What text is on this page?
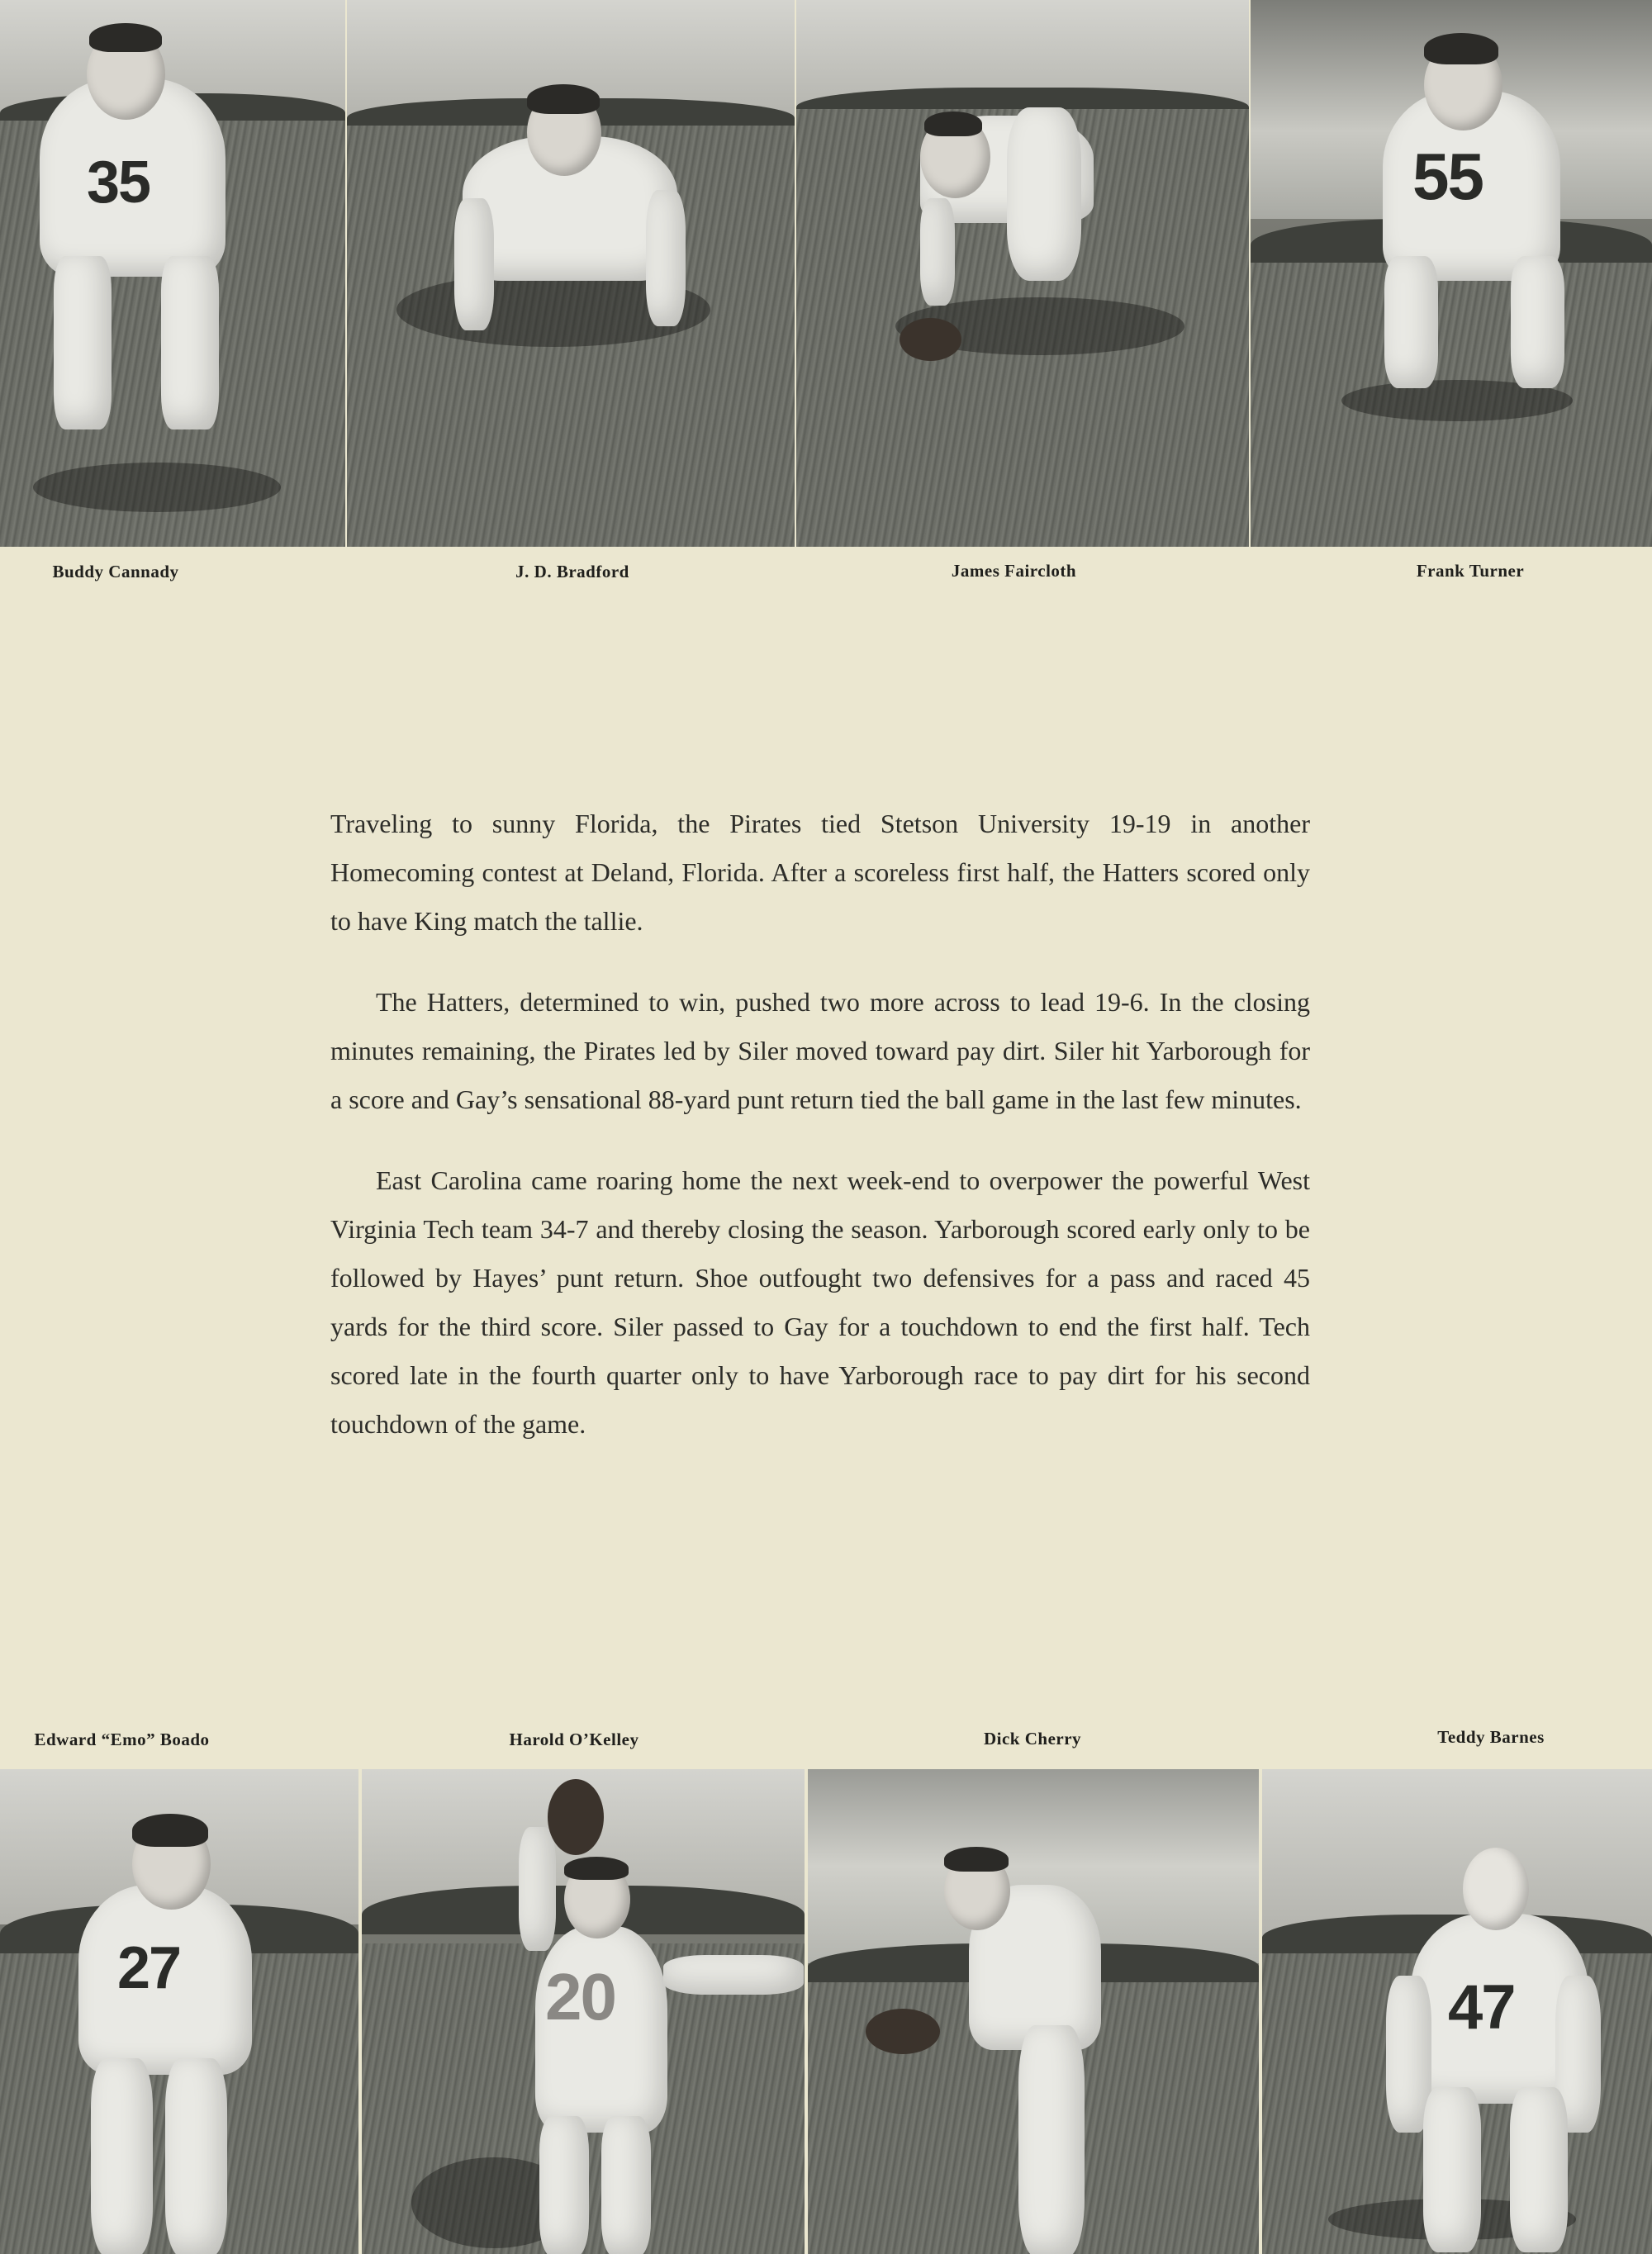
35	55
Buddy Cannady	J. D. Bradford	James Faircloth	Frank Turner

Traveling to sunny Florida, the Pirates tied Stetson University 19-19 in another Homecoming contest at Deland, Florida. After a scoreless first half, the Hatters scored only to have King match the tallie.

The Hatters, determined to win, pushed two more across to lead 19-6. In the closing minutes remaining, the Pirates led by Siler moved toward pay dirt. Siler hit Yarborough for a score and Gay’s sensational 88-yard punt return tied the ball game in the last few minutes.

East Carolina came roaring home the next week-end to overpower the powerful West Virginia Tech team 34-7 and thereby closing the season. Yarborough scored early only to be followed by Hayes’ punt return. Shoe outfought two defensives for a pass and raced 45 yards for the third score. Siler passed to Gay for a touchdown to end the first half. Tech scored late in the fourth quarter only to have Yarborough race to pay dirt for his second touchdown of the game.

Edward “Emo” Boado	Harold O’Kelley	Dick Cherry	Teddy Barnes
27	20	47
